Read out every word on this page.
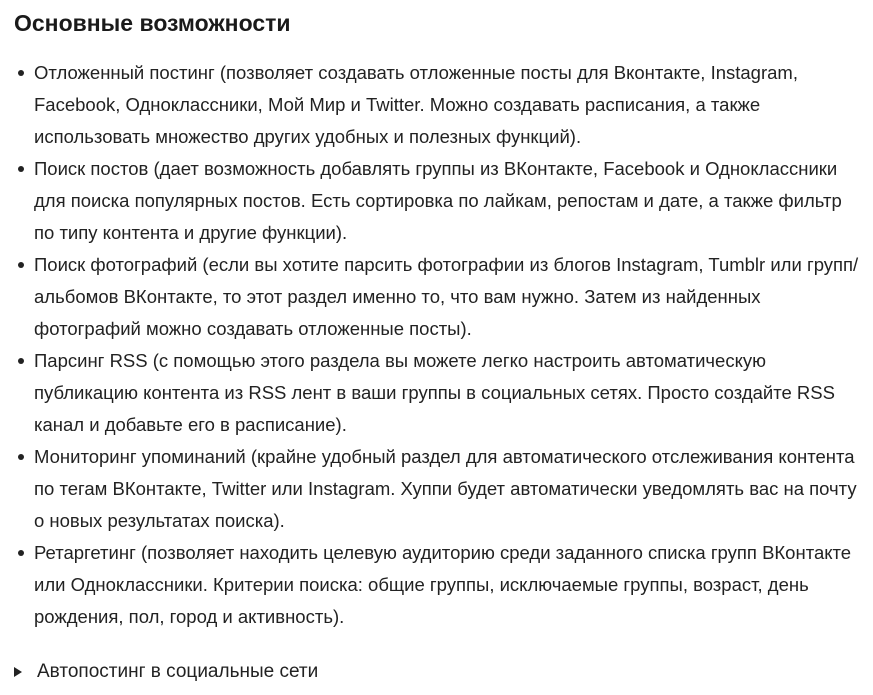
Основные возможности
Отложенный постинг (позволяет создавать отложенные посты для Вконтакте, Instagram, Facebook, Одноклассники, Мой Мир и Twitter. Можно создавать расписания, а также использовать множество других удобных и полезных функций).
Поиск постов (дает возможность добавлять группы из ВКонтакте, Facebook и Одноклассники для поиска популярных постов. Есть сортировка по лайкам, репостам и дате, а также фильтр по типу контента и другие функции).
Поиск фотографий (если вы хотите парсить фотографии из блогов Instagram, Tumblr или групп/альбомов ВКонтакте, то этот раздел именно то, что вам нужно. Затем из найденных фотографий можно создавать отложенные посты).
Парсинг RSS (с помощью этого раздела вы можете легко настроить автоматическую публикацию контента из RSS лент в ваши группы в социальных сетях. Просто создайте RSS канал и добавьте его в расписание).
Мониторинг упоминаний (крайне удобный раздел для автоматического отслеживания контента по тегам ВКонтакте, Twitter или Instagram. Хуппи будет автоматически уведомлять вас на почту о новых результатах поиска).
Ретаргетинг (позволяет находить целевую аудиторию среди заданного списка групп ВКонтакте или Одноклассники. Критерии поиска: общие группы, исключаемые группы, возраст, день рождения, пол, город и активность).
Автопостинг в социальные сети
